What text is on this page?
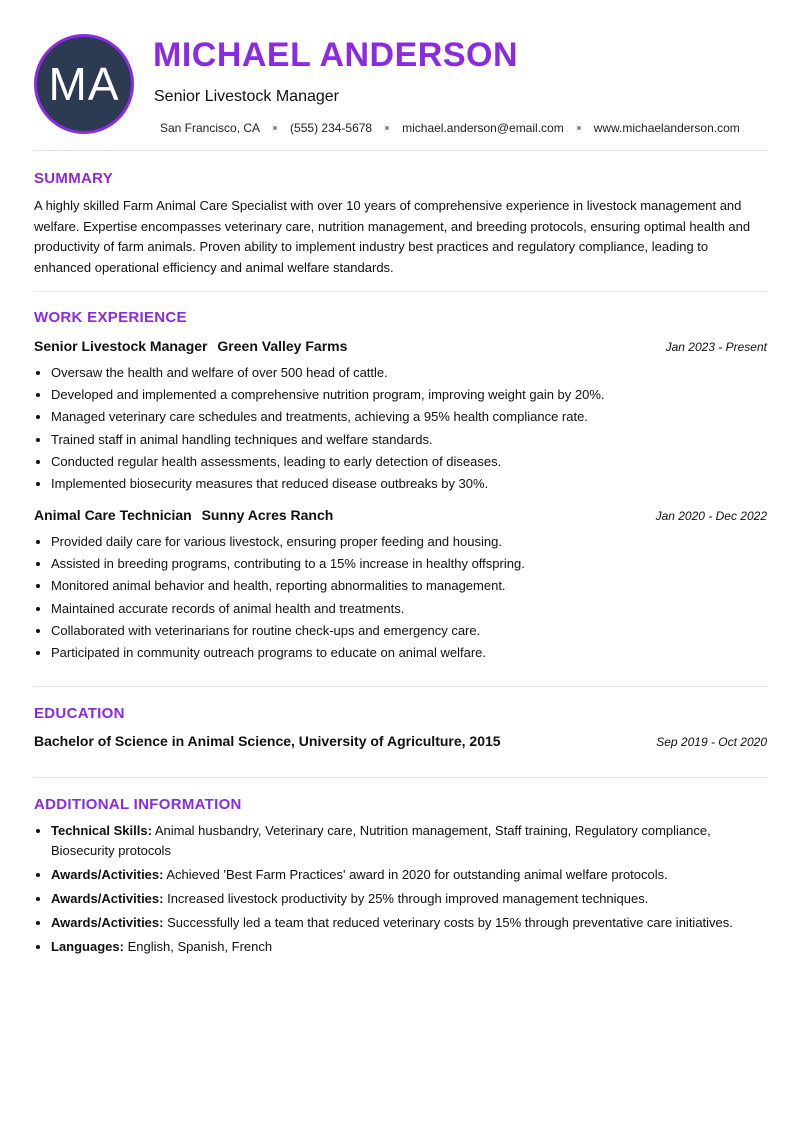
MA
MICHAEL ANDERSON
Senior Livestock Manager
San Francisco, CA	(555) 234-5678	michael.anderson@email.com	www.michaelanderson.com
SUMMARY
A highly skilled Farm Animal Care Specialist with over 10 years of comprehensive experience in livestock management and welfare. Expertise encompasses veterinary care, nutrition management, and breeding protocols, ensuring optimal health and productivity of farm animals. Proven ability to implement industry best practices and regulatory compliance, leading to enhanced operational efficiency and animal welfare standards.
WORK EXPERIENCE
Senior Livestock Manager Green Valley Farms	Jan 2023 - Present
• Oversaw the health and welfare of over 500 head of cattle.
• Developed and implemented a comprehensive nutrition program, improving weight gain by 20%.
• Managed veterinary care schedules and treatments, achieving a 95% health compliance rate.
• Trained staff in animal handling techniques and welfare standards.
• Conducted regular health assessments, leading to early detection of diseases.
• Implemented biosecurity measures that reduced disease outbreaks by 30%.
Animal Care Technician Sunny Acres Ranch	Jan 2020 - Dec 2022
• Provided daily care for various livestock, ensuring proper feeding and housing.
• Assisted in breeding programs, contributing to a 15% increase in healthy offspring.
• Monitored animal behavior and health, reporting abnormalities to management.
• Maintained accurate records of animal health and treatments.
• Collaborated with veterinarians for routine check-ups and emergency care.
• Participated in community outreach programs to educate on animal welfare.
EDUCATION
Bachelor of Science in Animal Science, University of Agriculture, 2015	Sep 2019 - Oct 2020
ADDITIONAL INFORMATION
• Technical Skills: Animal husbandry, Veterinary care, Nutrition management, Staff training, Regulatory compliance, Biosecurity protocols
• Awards/Activities: Achieved 'Best Farm Practices' award in 2020 for outstanding animal welfare protocols.
• Awards/Activities: Increased livestock productivity by 25% through improved management techniques.
• Awards/Activities: Successfully led a team that reduced veterinary costs by 15% through preventative care initiatives.
• Languages: English, Spanish, French
